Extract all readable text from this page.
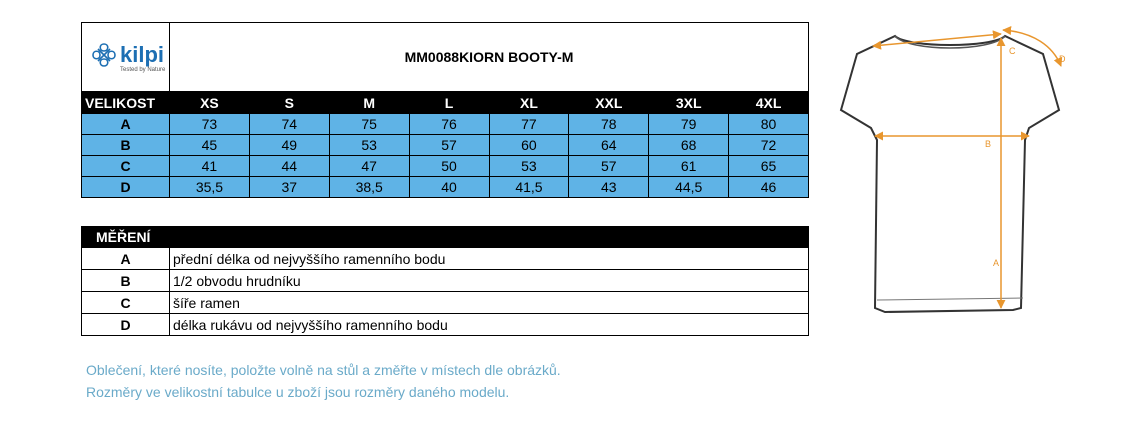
kilpi
Tested by Nature	MM0088KIORN BOOTY-M							
VELIKOST	XS	S	M	L	XL	XXL	3XL	4XL
A	73	74	75	76	77	78	79	80
B	45	49	53	57	60	64	68	72
C	41	44	47	50	53	57	61	65
D	35,5	37	38,5	40	41,5	43	44,5	46
MĚŘENÍ	
A	přední délka od nejvyššího ramenního bodu
B	1/2 obvodu hrudníku
C	šíře ramen
D	délka rukávu od nejvyššího ramenního bodu
Oblečení, které nosíte, položte volně na stůl a změřte v místech dle obrázků.
Rozměry ve velikostní tabulce u zboží jsou rozměry daného modelu.
C
D
B
A
